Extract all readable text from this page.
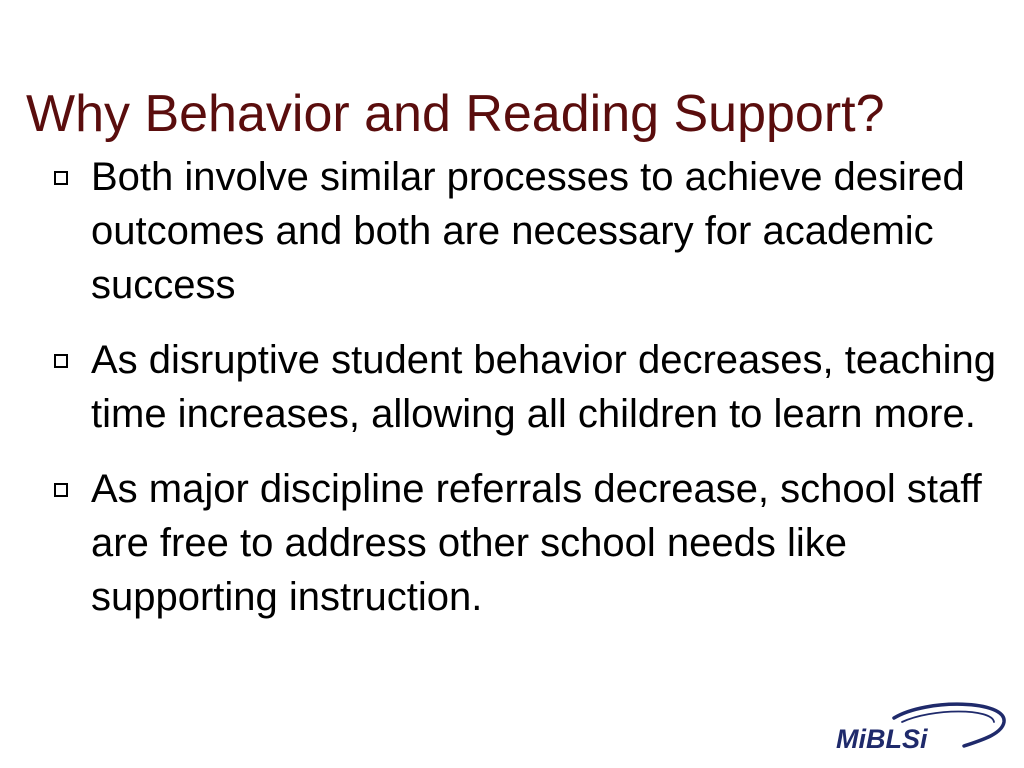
Why Behavior and Reading Support?
Both involve similar processes to achieve desired outcomes and both are necessary for academic success
As disruptive student behavior decreases, teaching time increases, allowing all children to learn more.
As major discipline referrals decrease, school staff are free to address other school needs like supporting instruction.
MiBLSi
